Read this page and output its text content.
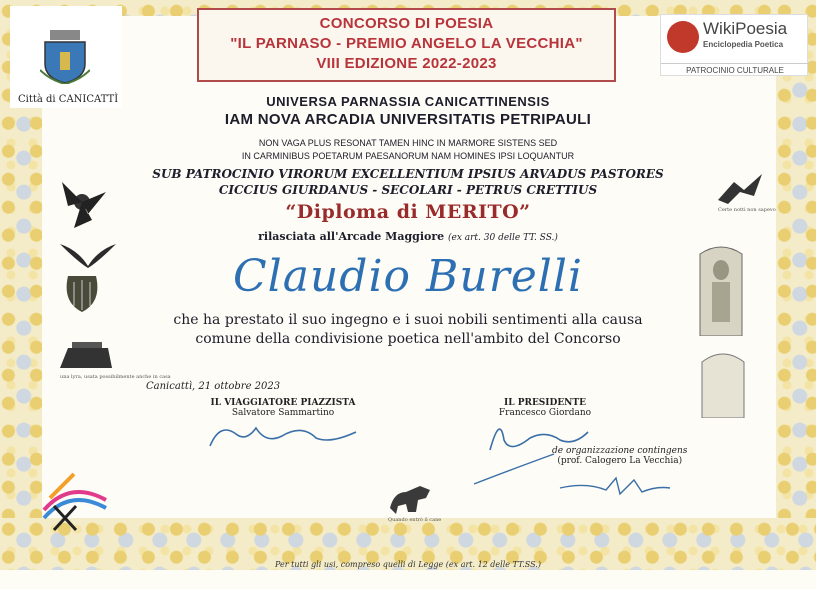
Città di CANICATTÌ
CONCORSO DI POESIA
"IL PARNASO - PREMIO ANGELO LA VECCHIA"
VIII EDIZIONE 2022-2023
WikiPoesia
Enciclopedia Poetica
PATROCINIO CULTURALE
UNIVERSA PARNASSIA CANICATTINENSIS
IAM NOVA ARCADIA UNIVERSITATIS PETRIPAULI
NON VAGA PLUS RESONAT TAMEN HINC IN MARMORE SISTENS SED
IN CARMINIBUS POETARUM PAESANORUM NAM HOMINES IPSI LOQUANTUR
SUB PATROCINIO VIRORUM EXCELLENTIUM IPSIUS ARVADUS PASTORES
CICCIUS GIURDANUS - SECOLARI - PETRUS CRETTIUS
“Diploma di MERITO”
rilasciata all'Arcade Maggiore (ex art. 30 delle TT. SS.)
Claudio Burelli
che ha prestato il suo ingegno e i suoi nobili sentimenti alla causa
comune della condivisione poetica nell'ambito del Concorso
una lyra, usata possibilmente anche in casa
Certe notti non sapevo
Canicattì, 21 ottobre 2023
IL VIAGGIATORE PIAZZISTA
Salvatore Sammartino
IL PRESIDENTE
Francesco Giordano
de organizzazione contingens
(prof. Calogero La Vecchia)
Quando entrò il cane
Per tutti gli usi, compreso quelli di Legge (ex art. 12 delle TT.SS.)
